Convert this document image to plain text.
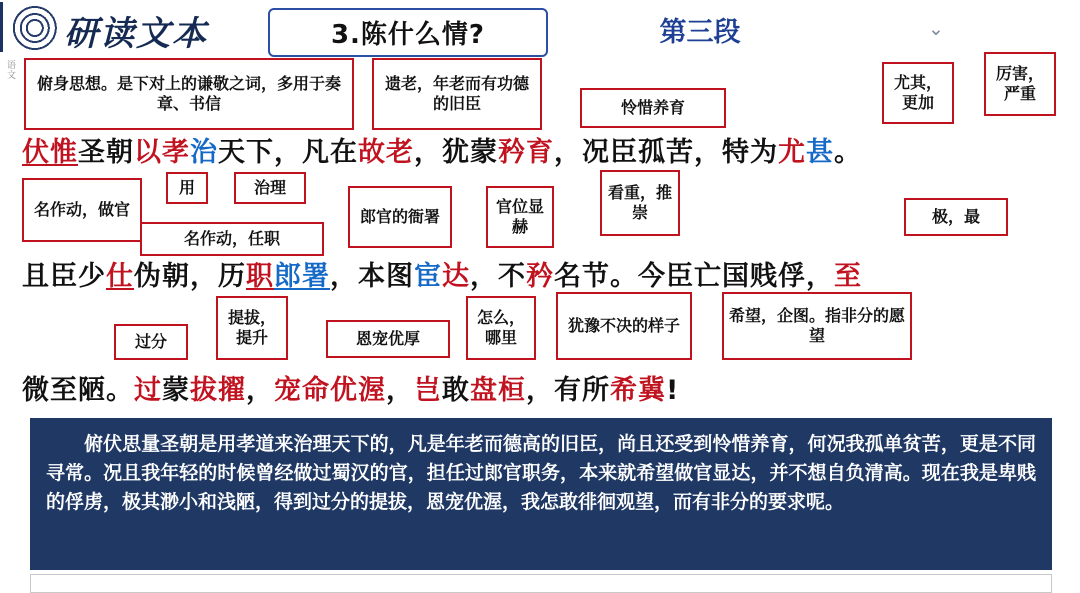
研读文本
语文
3.陈什么情?	第三段	⌄
俯身思想。是下对上的谦敬之词，多用于奏章、书信
遗老，年老而有功德的旧臣	怜惜养育
尤其，更加
厉害，严重
伏惟圣朝以孝治天下，凡在故老，犹蒙矜育，况臣孤苦，特为尤甚。
名作动，做官
用	治理
郎官的衙署
官位显赫
看重，推崇	极，最
名作动，任职
且臣少仕伪朝，历职郎署，本图宦达，不矜名节。今臣亡国贱俘，至
过分
提拔，提升	恩宠优厚
怎么，哪里
犹豫不决的样子
希望，企图。指非分的愿望
微至陋。过蒙拔擢，宠命优渥，岂敢盘桓，有所希冀!
俯伏思量圣朝是用孝道来治理天下的，凡是年老而德高的旧臣，尚且还受到怜惜养育，何况我孤单贫苦，更是不同寻常。况且我年轻的时候曾经做过蜀汉的官，担任过郎官职务，本来就希望做官显达，并不想自负清高。现在我是卑贱的俘虏，极其渺小和浅陋，得到过分的提拔，恩宠优渥，我怎敢徘徊观望，而有非分的要求呢。
